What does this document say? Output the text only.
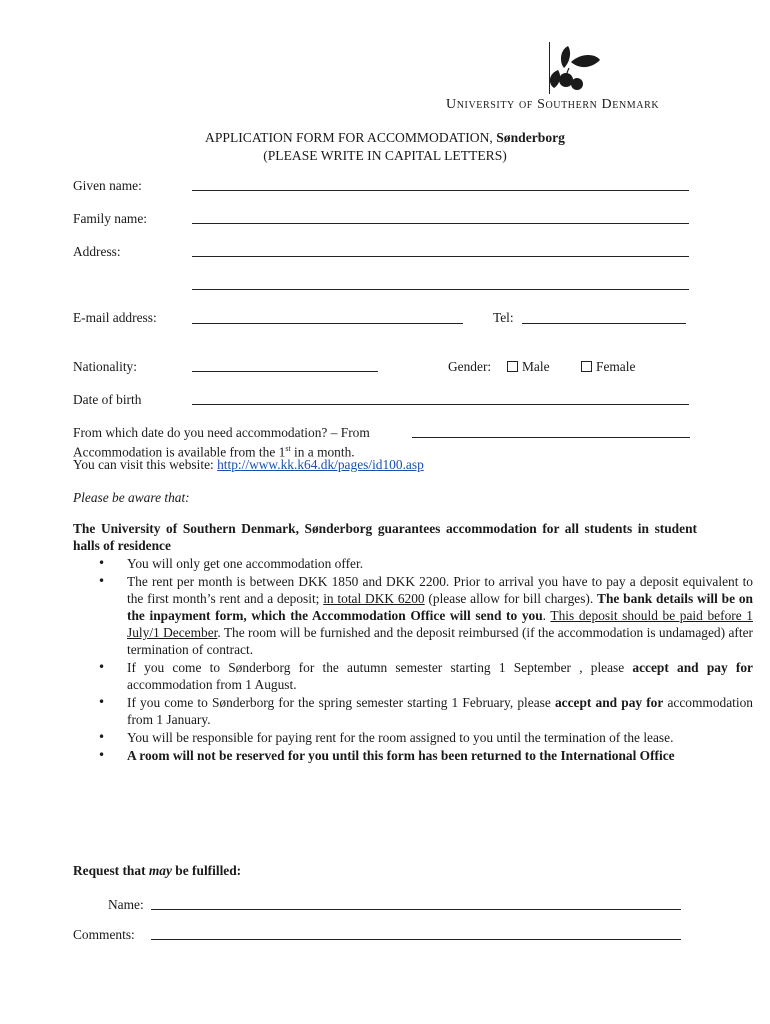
University of Southern Denmark
APPLICATION FORM FOR ACCOMMODATION, Sønderborg
(PLEASE WRITE IN CAPITAL LETTERS)
Given name:
Family name:
Address:
E-mail address:	Tel:
Nationality:	Gender:	Male	Female
Date of birth
From which date do you need accommodation? – From
Accommodation is available from the 1st in a month.
You can visit this website: http://www.kk.k64.dk/pages/id100.asp
Please be aware that:
The University of Southern Denmark, Sønderborg guarantees accommodation for all students in student halls of residence
• You will only get one accommodation offer.
• The rent per month is between DKK 1850 and DKK 2200. Prior to arrival you have to pay a deposit equivalent to the first month’s rent and a deposit; in total DKK 6200 (please allow for bill charges). The bank details will be on the inpayment form, which the Accommodation Office will send to you. This deposit should be paid before 1 July/1 December. The room will be furnished and the deposit reimbursed (if the accommodation is undamaged) after termination of contract.
• If you come to Sønderborg for the autumn semester starting 1 September , please accept and pay for accommodation from 1 August.
• If you come to Sønderborg for the spring semester starting 1 February, please accept and pay for accommodation from 1 January.
• You will be responsible for paying rent for the room assigned to you until the termination of the lease.
• A room will not be reserved for you until this form has been returned to the International Office
Request that may be fulfilled:
Name:
Comments:
